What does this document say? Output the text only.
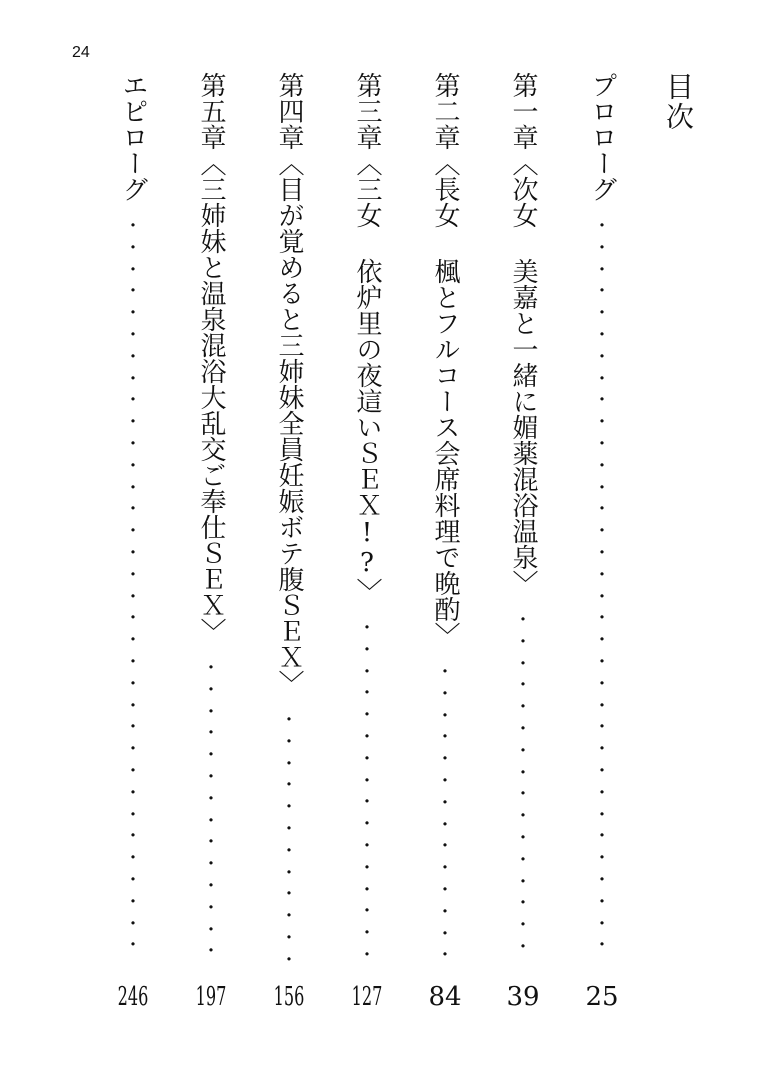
24
目次
プロローグ
・
・
・
・
・
・
・
・
・
・
・
・
・
・
・
・
・
・
・
・
・
・
・
・
・
・
・
・
・
・
・
・
・
・
25
第一章〈次女 美嘉と一緒に媚薬混浴温泉〉
・
・
・
・
・
・
・
・
・
・
・
・
・
・
・
・
39
第二章〈長女 楓とフルコース会席料理で晩酌〉
・
・
・
・
・
・
・
・
・
・
・
・
・
・
84
第三章〈三女 依炉里の夜這いＳＥＸ!?〉
・
・
・
・
・
・
・
・
・
・
・
・
・
・
・
・
127
第四章〈目が覚めると三姉妹全員妊娠ボテ腹ＳＥＸ〉
・
・
・
・
・
・
・
・
・
・
・
・
156
第五章〈三姉妹と温泉混浴大乱交ご奉仕ＳＥＸ〉
・
・
・
・
・
・
・
・
・
・
・
・
・
・
197
エピローグ
・
・
・
・
・
・
・
・
・
・
・
・
・
・
・
・
・
・
・
・
・
・
・
・
・
・
・
・
・
・
・
・
・
・
246
